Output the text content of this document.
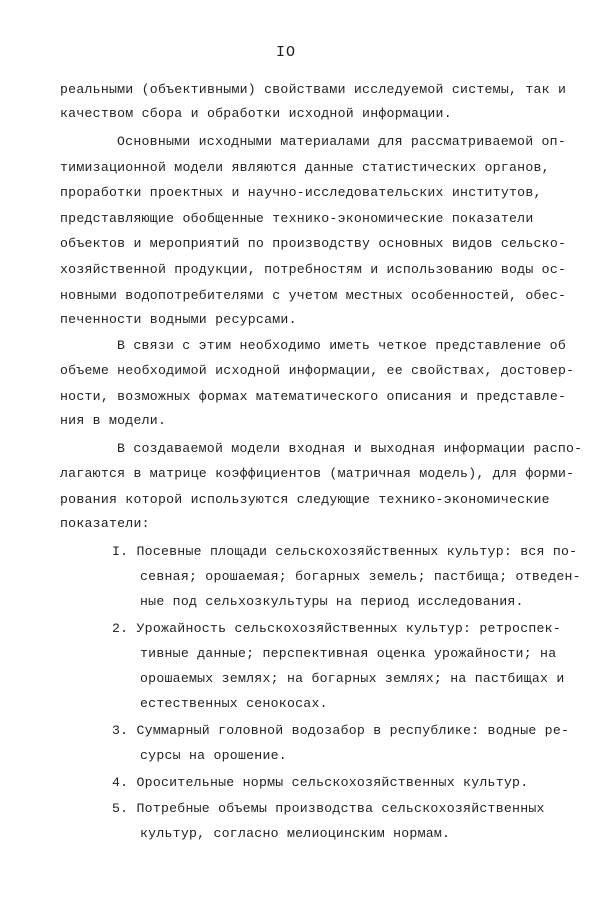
IO
реальными (объективными) свойствами исследуемой системы, так и
качеством сбора и обработки исходной информации.
Основными исходными материалами для рассматриваемой оп-
тимизационной модели являются данные статистических органов,
проработки проектных и научно-исследовательских институтов,
представляющие обобщенные технико-экономические показатели
объектов и мероприятий по производству основных видов сельско-
хозяйственной продукции, потребностям и использованию воды ос-
новными водопотребителями с учетом местных особенностей, обес-
печенности водными ресурсами.
В связи с этим необходимо иметь четкое представление об
объеме необходимой исходной информации, ее свойствах, достовер-
ности, возможных формах математического описания и представле-
ния в модели.
В создаваемой модели входная и выходная информации распо-
лагаются в матрице коэффициентов (матричная модель), для форми-
рования которой используются следующие технико-экономические
показатели:
I. Посевные площади сельскохозяйственных культур: вся по-
севная; орошаемая; богарных земель; пастбища; отведен-
ные под сельхозкультуры на период исследования.
2. Урожайность сельскохозяйственных культур: ретроспек-
тивные данные; перспективная оценка урожайности; на
орошаемых землях; на богарных землях; на пастбищах и
естественных сенокосах.
3. Суммарный головной водозабор в республике: водные ре-
сурсы на орошение.
4. Оросительные нормы сельскохозяйственных культур.
5. Потребные объемы производства сельскохозяйственных
культур, согласно мелиоцинским нормам.
